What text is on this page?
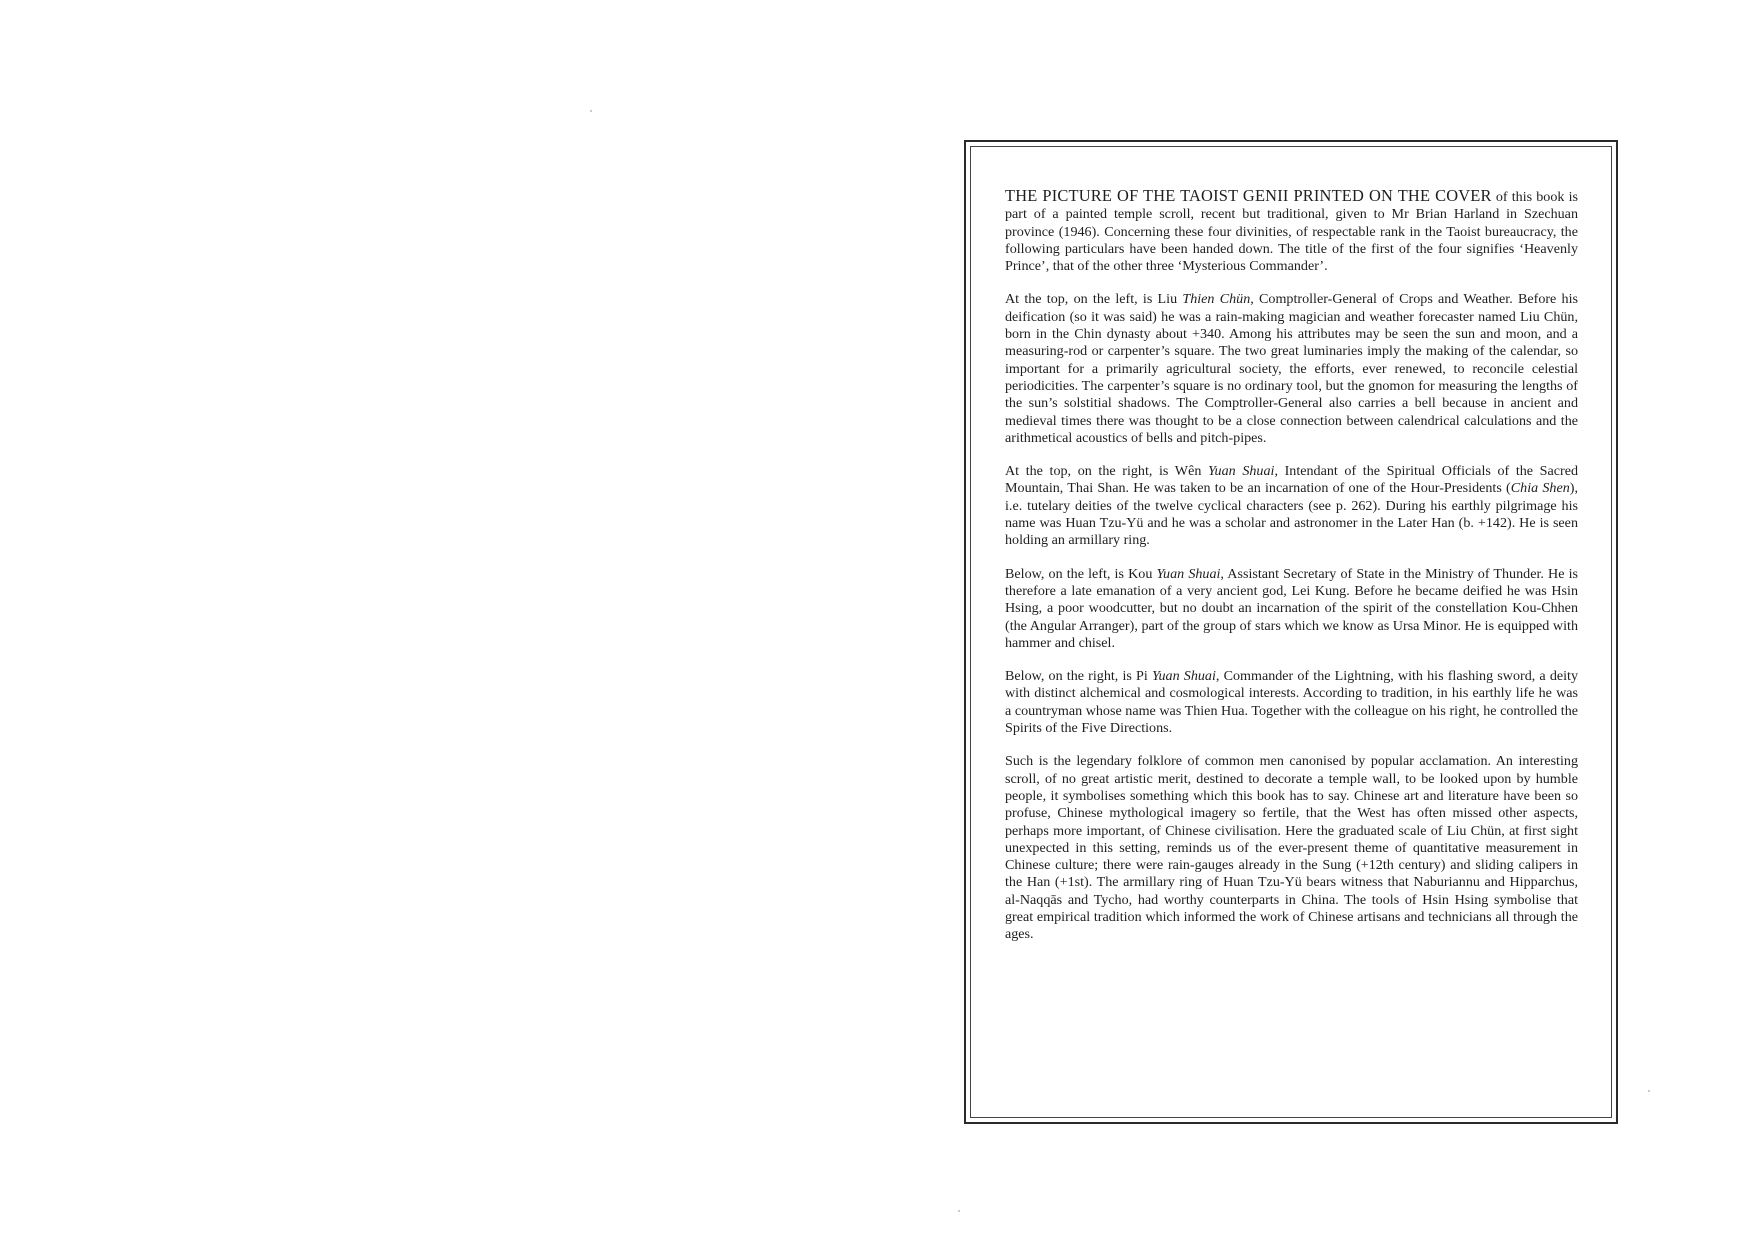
THE PICTURE OF THE TAOIST GENII PRINTED ON THE COVER of this book is part of a painted temple scroll, recent but traditional, given to Mr Brian Harland in Szechuan province (1946). Concerning these four divinities, of respectable rank in the Taoist bureaucracy, the following particulars have been handed down. The title of the first of the four signifies ‘Heavenly Prince’, that of the other three ‘Mysterious Commander’.

At the top, on the left, is Liu Thien Chün, Comptroller-General of Crops and Weather. Before his deification (so it was said) he was a rain-making magician and weather forecaster named Liu Chün, born in the Chin dynasty about +340. Among his attributes may be seen the sun and moon, and a measuring-rod or carpenter’s square. The two great luminaries imply the making of the calendar, so important for a primarily agricultural society, the efforts, ever renewed, to reconcile celestial periodicities. The carpenter’s square is no ordinary tool, but the gnomon for measuring the lengths of the sun’s solstitial shadows. The Comptroller-General also carries a bell because in ancient and medieval times there was thought to be a close connection between calendrical calculations and the arithmetical acoustics of bells and pitch-pipes.

At the top, on the right, is Wên Yuan Shuai, Intendant of the Spiritual Officials of the Sacred Mountain, Thai Shan. He was taken to be an incarnation of one of the Hour-Presidents (Chia Shen), i.e. tutelary deities of the twelve cyclical characters (see p. 262). During his earthly pilgrimage his name was Huan Tzu-Yü and he was a scholar and astronomer in the Later Han (b. +142). He is seen holding an armillary ring.

Below, on the left, is Kou Yuan Shuai, Assistant Secretary of State in the Ministry of Thunder. He is therefore a late emanation of a very ancient god, Lei Kung. Before he became deified he was Hsin Hsing, a poor woodcutter, but no doubt an incarnation of the spirit of the constellation Kou-Chhen (the Angular Arranger), part of the group of stars which we know as Ursa Minor. He is equipped with hammer and chisel.

Below, on the right, is Pi Yuan Shuai, Commander of the Lightning, with his flashing sword, a deity with distinct alchemical and cosmological interests. According to tradition, in his earthly life he was a countryman whose name was Thien Hua. Together with the colleague on his right, he controlled the Spirits of the Five Directions.

Such is the legendary folklore of common men canonised by popular acclamation. An interesting scroll, of no great artistic merit, destined to decorate a temple wall, to be looked upon by humble people, it symbolises something which this book has to say. Chinese art and literature have been so profuse, Chinese mythological imagery so fertile, that the West has often missed other aspects, perhaps more important, of Chinese civilisation. Here the graduated scale of Liu Chün, at first sight unexpected in this setting, reminds us of the ever-present theme of quantitative measurement in Chinese culture; there were rain-gauges already in the Sung (+12th century) and sliding calipers in the Han (+1st). The armillary ring of Huan Tzu-Yü bears witness that Naburiannu and Hipparchus, al-Naqqās and Tycho, had worthy counterparts in China. The tools of Hsin Hsing symbolise that great empirical tradition which informed the work of Chinese artisans and technicians all through the ages.
